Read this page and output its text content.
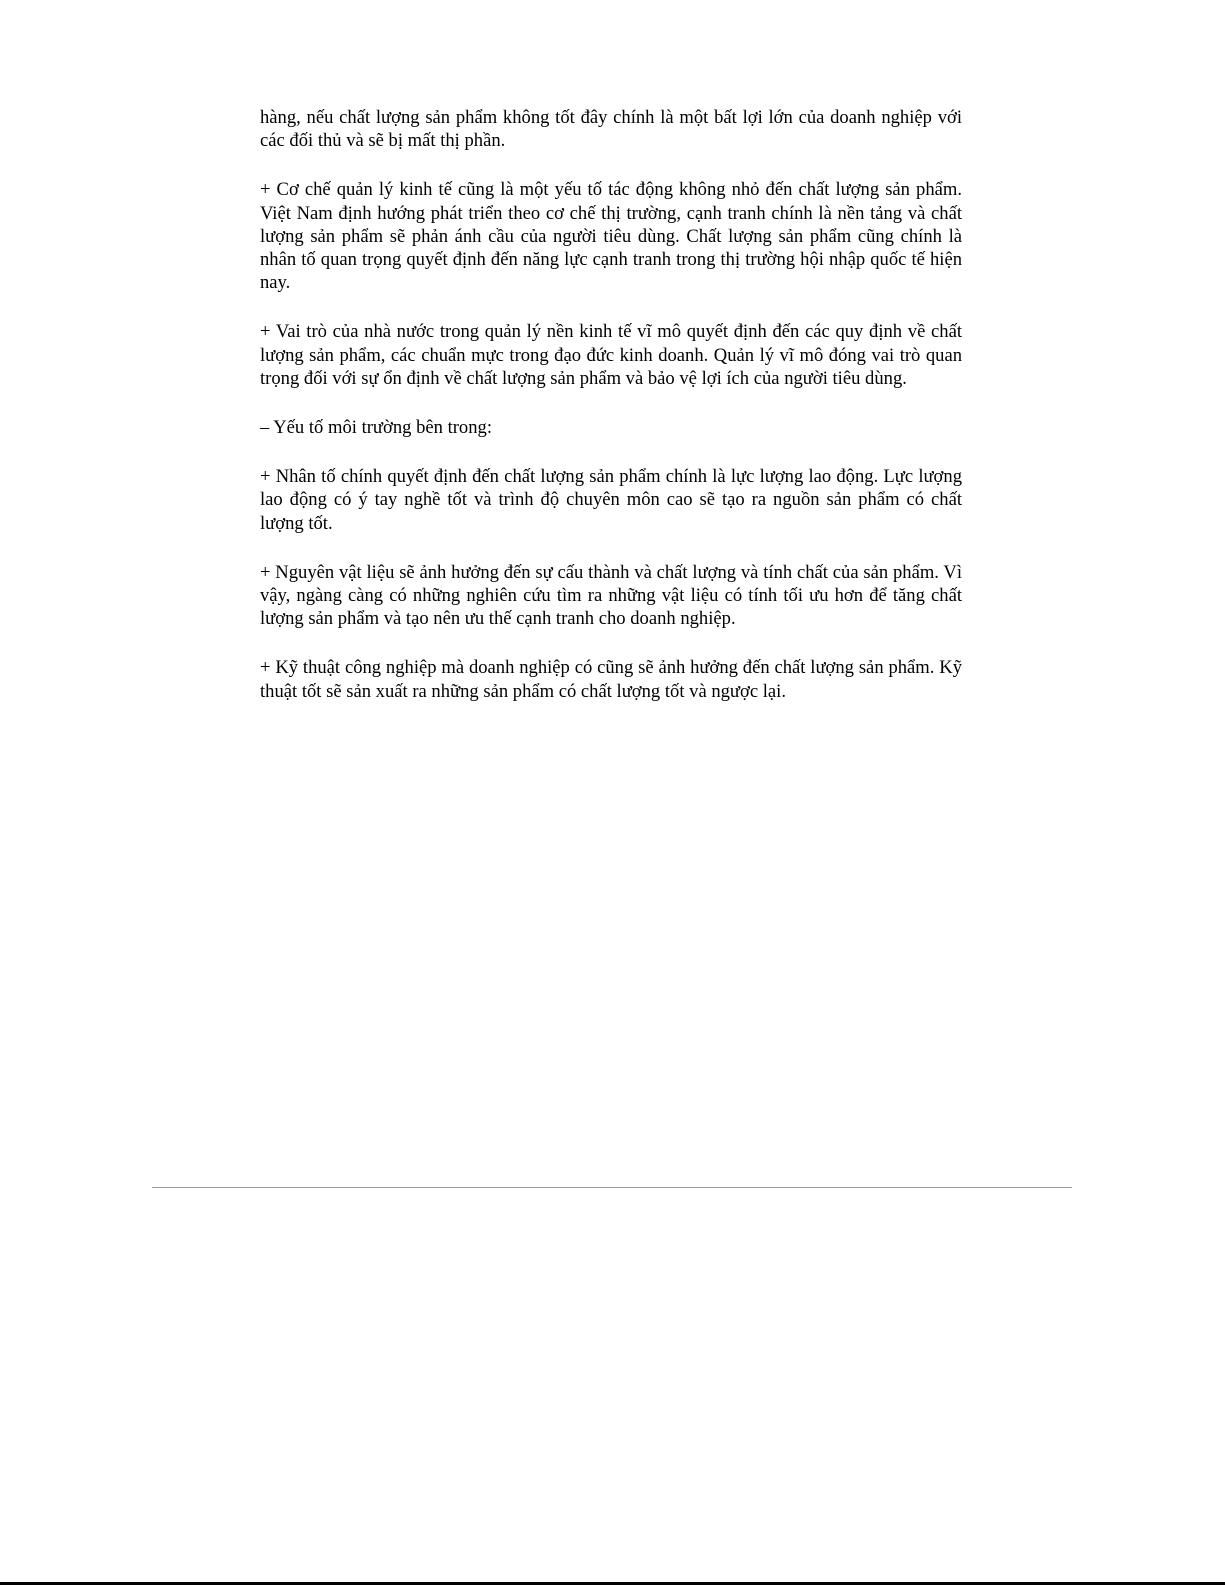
hàng, nếu chất lượng sản phẩm không tốt đây chính là một bất lợi lớn của doanh nghiệp với các đối thủ và sẽ bị mất thị phần.

+ Cơ chế quản lý kinh tế cũng là một yếu tố tác động không nhỏ đến chất lượng sản phẩm. Việt Nam định hướng phát triển theo cơ chế thị trường, cạnh tranh chính là nền tảng và chất lượng sản phẩm sẽ phản ánh cầu của người tiêu dùng. Chất lượng sản phẩm cũng chính là nhân tố quan trọng quyết định đến năng lực cạnh tranh trong thị trường hội nhập quốc tế hiện nay.

+ Vai trò của nhà nước trong quản lý nền kinh tế vĩ mô quyết định đến các quy định về chất lượng sản phẩm, các chuẩn mực trong đạo đức kinh doanh. Quản lý vĩ mô đóng vai trò quan trọng đối với sự ổn định về chất lượng sản phẩm và bảo vệ lợi ích của người tiêu dùng.

– Yếu tố môi trường bên trong:

+ Nhân tố chính quyết định đến chất lượng sản phẩm chính là lực lượng lao động. Lực lượng lao động có ý tay nghề tốt và trình độ chuyên môn cao sẽ tạo ra nguồn sản phẩm có chất lượng tốt.

+ Nguyên vật liệu sẽ ảnh hưởng đến sự cấu thành và chất lượng và tính chất của sản phẩm. Vì vậy, ngàng càng có những nghiên cứu tìm ra những vật liệu có tính tối ưu hơn để tăng chất lượng sản phẩm và tạo nên ưu thế cạnh tranh cho doanh nghiệp.

+ Kỹ thuật công nghiệp mà doanh nghiệp có cũng sẽ ảnh hưởng đến chất lượng sản phẩm. Kỹ thuật tốt sẽ sản xuất ra những sản phẩm có chất lượng tốt và ngược lại.
